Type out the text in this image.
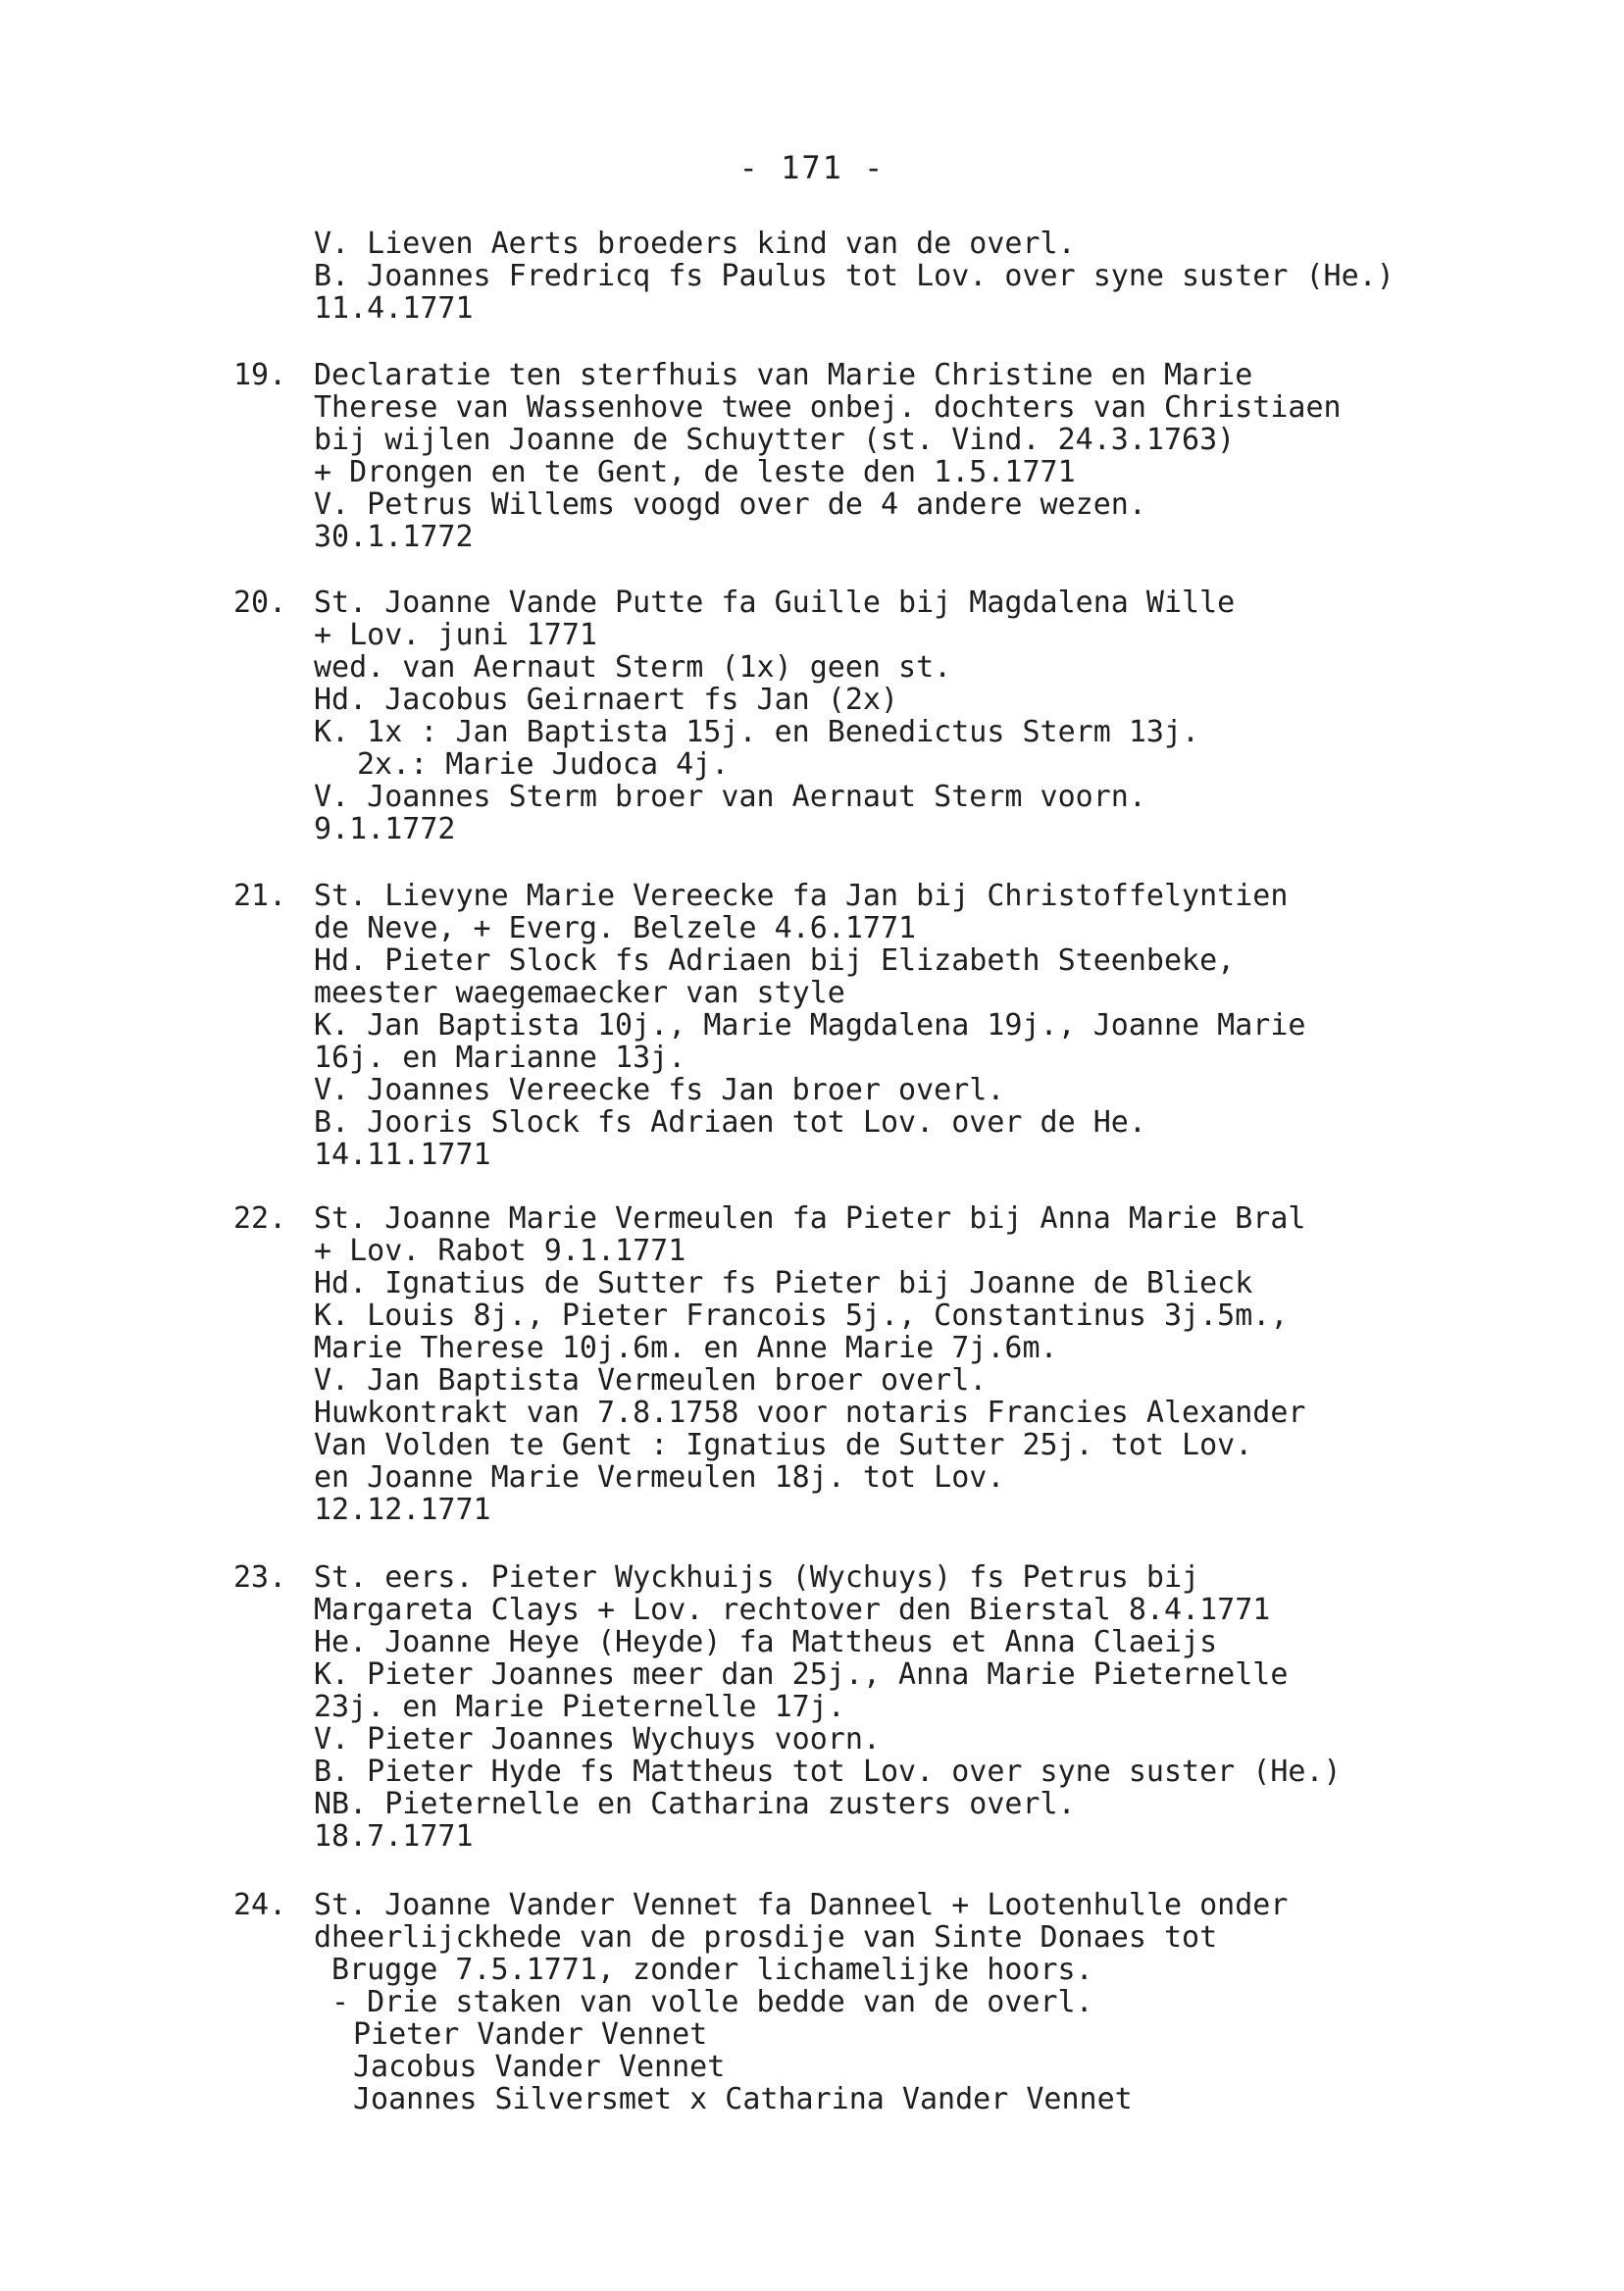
- 171 -
V. Lieven Aerts broeders kind van de overl.
B. Joannes Fredricq fs Paulus tot Lov. over syne suster (He.)
11.4.1771
19. Declaratie ten sterfhuis van Marie Christine en Marie
Therese van Wassenhove twee onbej. dochters van Christiaen
bij wijlen Joanne de Schuytter (st. Vind. 24.3.1763)
+ Drongen en te Gent, de leste den 1.5.1771
V. Petrus Willems voogd over de 4 andere wezen.
30.1.1772
20. St. Joanne Vande Putte fa Guille bij Magdalena Wille
+ Lov. juni 1771
wed. van Aernaut Sterm (1x) geen st.
Hd. Jacobus Geirnaert fs Jan (2x)
K. 1x : Jan Baptista 15j. en Benedictus Sterm 13j.
2x.: Marie Judoca 4j.
V. Joannes Sterm broer van Aernaut Sterm voorn.
9.1.1772
21. St. Lievyne Marie Vereecke fa Jan bij Christoffelyntien
de Neve, + Everg. Belzele 4.6.1771
Hd. Pieter Slock fs Adriaen bij Elizabeth Steenbeke,
meester waegemaecker van style
K. Jan Baptista 10j., Marie Magdalena 19j., Joanne Marie
16j. en Marianne 13j.
V. Joannes Vereecke fs Jan broer overl.
B. Jooris Slock fs Adriaen tot Lov. over de He.
14.11.1771
22. St. Joanne Marie Vermeulen fa Pieter bij Anna Marie Bral
+ Lov. Rabot 9.1.1771
Hd. Ignatius de Sutter fs Pieter bij Joanne de Blieck
K. Louis 8j., Pieter Francois 5j., Constantinus 3j.5m.,
Marie Therese 10j.6m. en Anne Marie 7j.6m.
V. Jan Baptista Vermeulen broer overl.
Huwkontrakt van 7.8.1758 voor notaris Francies Alexander
Van Volden te Gent : Ignatius de Sutter 25j. tot Lov.
en Joanne Marie Vermeulen 18j. tot Lov.
12.12.1771
23. St. eers. Pieter Wyckhuijs (Wychuys) fs Petrus bij
Margareta Clays + Lov. rechtover den Bierstal 8.4.1771
He. Joanne Heye (Heyde) fa Mattheus et Anna Claeijs
K. Pieter Joannes meer dan 25j., Anna Marie Pieternelle
23j. en Marie Pieternelle 17j.
V. Pieter Joannes Wychuys voorn.
B. Pieter Hyde fs Mattheus tot Lov. over syne suster (He.)
NB. Pieternelle en Catharina zusters overl.
18.7.1771
24. St. Joanne Vander Vennet fa Danneel + Lootenhulle onder
dheerlijckhede van de prosdije van Sinte Donaes tot
Brugge 7.5.1771, zonder lichamelijke hoors.
- Drie staken van volle bedde van de overl.
Pieter Vander Vennet
Jacobus Vander Vennet
Joannes Silversmet x Catharina Vander Vennet
